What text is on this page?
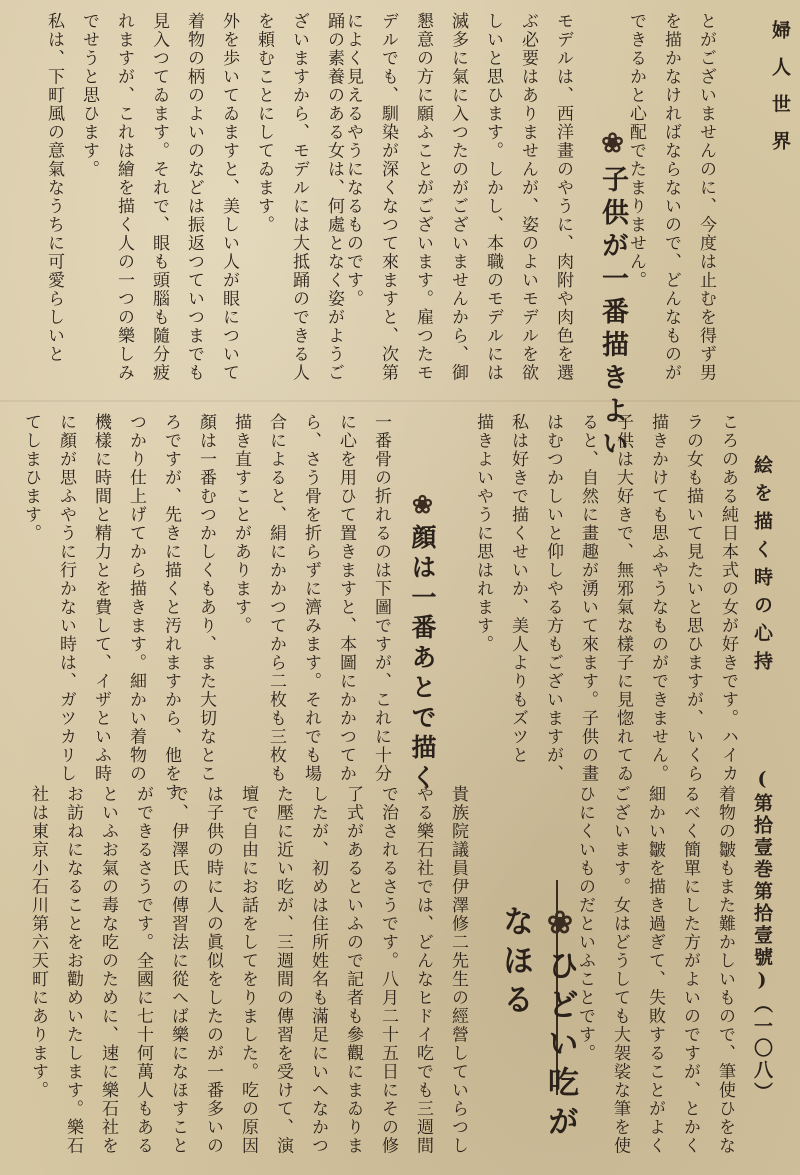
婦人世界
絵を描く時の心持
(第拾壹巻第拾壹號)（一〇八）
とがございませんのに、今度は止むを得ず男
を描かなければならないので、どんなものが
できるかと心配でたまりません。
❀子供が一番描きよい
モデルは、西洋畫のやうに、肉附や肉色を選
ぶ必要はありませんが、姿のよいモデルを欲
しいと思ひます。しかし、本職のモデルには
滅多に氣に入つたのがございませんから、御
懇意の方に願ふことがございます。雇つたモ
デルでも、馴染が深くなつて來ますと、次第
によく見えるやうになるものです。
踊の素養のある女は、何處となく姿がようご
ざいますから、モデルには大抵踊のできる人
を頼むことにしてゐます。
外を歩いてゐますと、美しい人が眼について
着物の柄のよいのなどは振返つていつまでも
見入つてゐます。それで、眼も頭腦も隨分疲
れますが、これは繪を描く人の一つの樂しみ
でせうと思ひます。
私は、下町風の意氣なうちに可愛らしいと
ころのある純日本式の女が好きです。ハイカ
ラの女も描いて見たいと思ひますが、いくら
描きかけても思ふやうなものができません。
子供は大好きで、無邪氣な樣子に見惚れてゐ
ると、自然に畫趣が湧いて來ます。子供の畫
はむつかしいと仰しやる方もございますが、
私は好きで描くせいか、美人よりもズツと
描きよいやうに思はれます。
❀顔は一番あとで描く
一番骨の折れるのは下圖ですが、これに十分
に心を用ひて置きますと、本圖にかかつてか
ら、さう骨を折らずに濟みます。それでも場
合によると、絹にかかつてから二枚も三枚も
描き直すことがあります。
顏は一番むつかしくもあり、また大切なとこ
ろですが、先きに描くと汚れますから、他をす
つかり仕上げてから描きます。細かい着物の
機樣に時間と精力とを費して、イザといふ時
に顏が思ふやうに行かない時は、ガツカリし
てしまひます。
着物の皺もまた難かしいもので、筆使ひをな
るべく簡單にした方がよいのですが、とかく
細かい皺を描き過ぎて、失敗することがよく
ございます。女はどうしても大袈裟な筆を使
ひにくいものだといふことです。
❀ひどい吃がなほる
貴族院議員伊澤修二先生の經營していらつし
やる樂石社では、どんなヒドイ吃でも三週間
で治されるさうです。八月二十五日にその修
了式があるといふので記者も參觀にまゐりま
したが、初めは住所姓名も滿足にいへなかつ
た壓に近い吃が、三週間の傳習を受けて、演
壇で自由にお話をしてをりました。吃の原因
は子供の時に人の眞似をしたのが一番多いの
で、伊澤氏の傳習法に從へば樂になほすこと
ができるさうです。全國に七十何萬人もある
といふお氣の毒な吃のために、速に樂石社を
お訪ねになることをお勸めいたします。樂石
社は東京小石川第六天町にあります。
